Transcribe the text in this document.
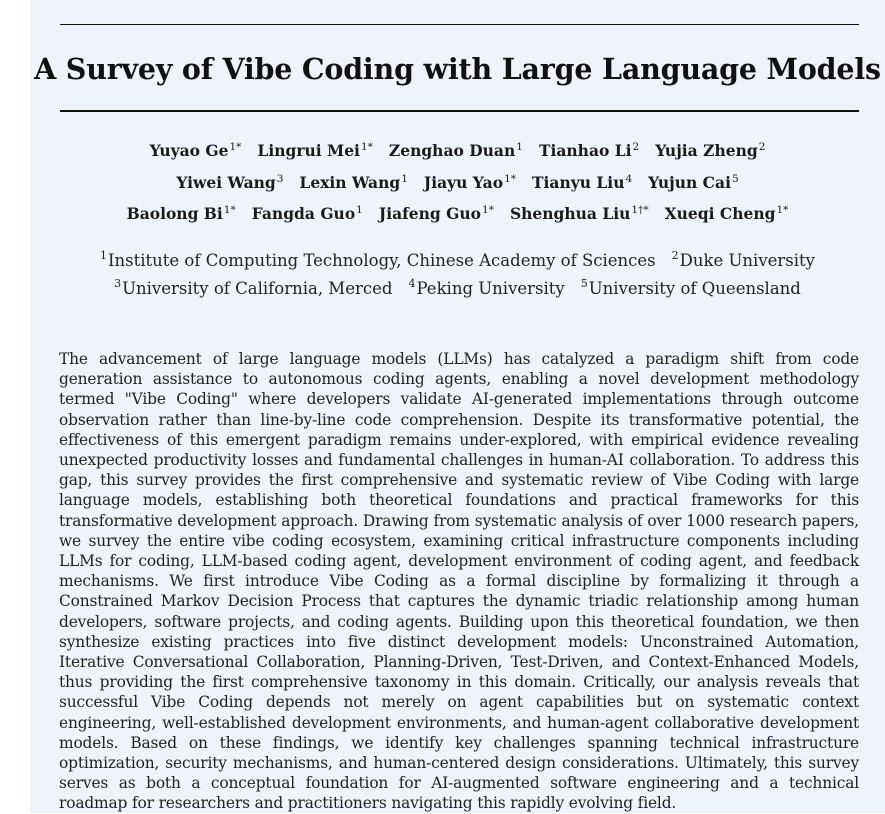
A Survey of Vibe Coding with Large Language Models
Yuyao $Ge^{1*}$ Lingrui Mei$^{1*}$ Zenghao Duan$^1$ Tianhao Li$^2$ Yujia Zheng$^2$
Yiwei Wang$^3$ Lexin Wang$^1$ Jiayu Yao$^{1*}$ Tianyu Liu$^4$ Yujun Cai$^5$
Baolong $Bi^{1*}$ Fangda Guo$^1$ Jiafeng Guo$^{1*}$ Shenghua Liu$^{1\dagger*}$ Xueqi Cheng$^{1*}$
$^1$Institute of Computing Technology, Chinese Academy of Sciences $^2$Duke University
$^3$University of California, Merced $^4$Peking University $^5$University of Queensland

The advancement of large language models (LLMs) has catalyzed a paradigm shift from code generation assistance to autonomous coding agents, enabling a novel development methodology termed "Vibe Coding" where developers validate AI-generated implementations through outcome observation rather than line-by-line code comprehension. Despite its transformative potential, the effectiveness of this emergent paradigm remains under-explored, with empirical evidence revealing unexpected productivity losses and fundamental challenges in human-AI collaboration. To address this gap, this survey provides the first comprehensive and systematic review of Vibe Coding with large language models, establishing both theoretical foundations and practical frameworks for this transformative development approach. Drawing from systematic analysis of over 1000 research papers, we survey the entire vibe coding ecosystem, examining critical infrastructure components including LLMs for coding, LLM-based coding agent, development environment of coding agent, and feedback mechanisms. We first introduce Vibe Coding as a formal discipline by formalizing it through a Constrained Markov Decision Process that captures the dynamic triadic relationship among human developers, software projects, and coding agents. Building upon this theoretical foundation, we then synthesize existing practices into five distinct development models: Unconstrained Automation, Iterative Conversational Collaboration, Planning-Driven, Test-Driven, and Context-Enhanced Models, thus providing the first comprehensive taxonomy in this domain. Critically, our analysis reveals that successful Vibe Coding depends not merely on agent capabilities but on systematic context engineering, well-established development environments, and human-agent collaborative development models. Based on these findings, we identify key challenges spanning technical infrastructure optimization, security mechanisms, and human-centered design considerations. Ultimately, this survey serves as both a conceptual foundation for AI-augmented software engineering and a technical roadmap for researchers and practitioners navigating this rapidly evolving field.
